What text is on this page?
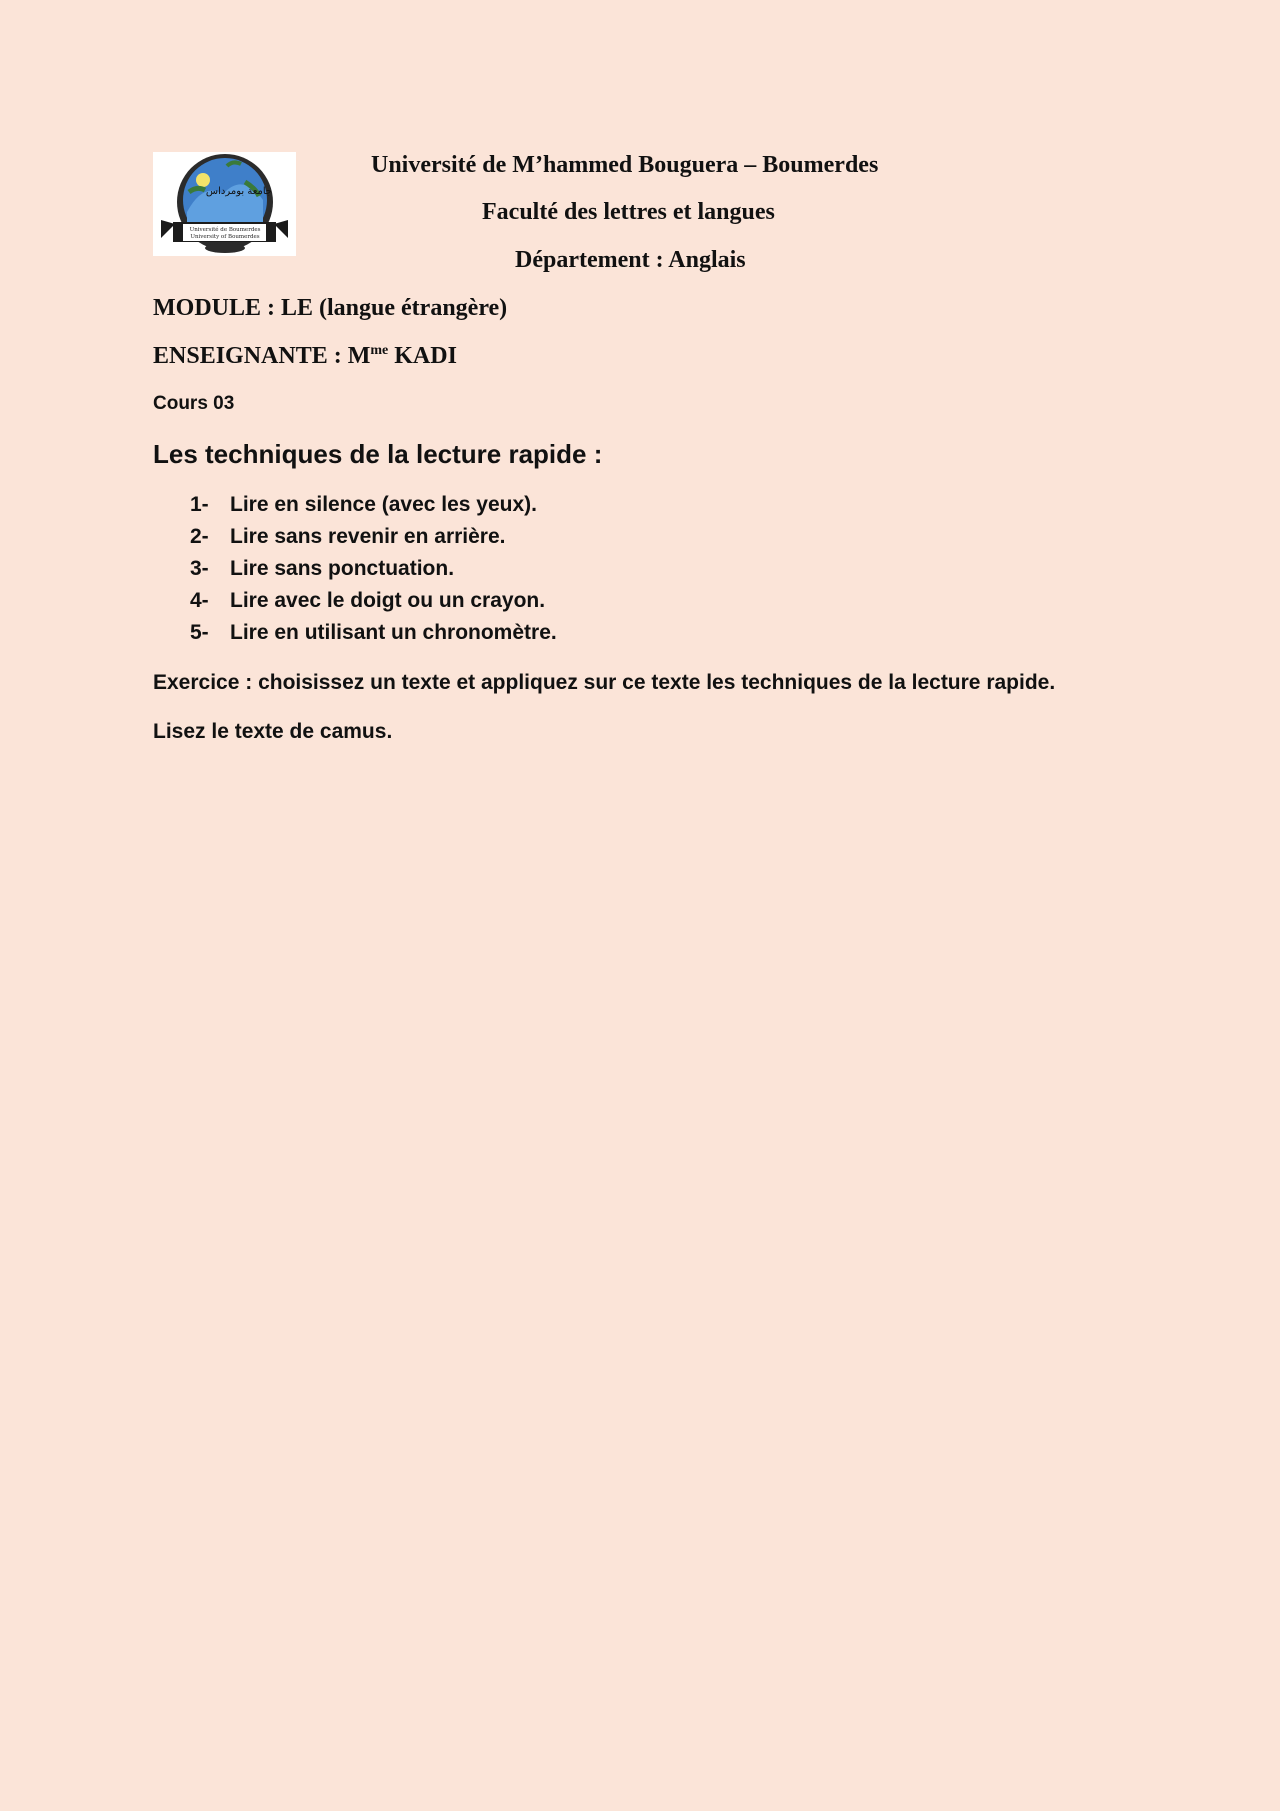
جامعة بومرداس
Université de Boumerdes
University of Boumerdes
Université de M’hammed Bouguera – Boumerdes
Faculté des lettres et langues
Département : Anglais
MODULE : LE (langue étrangère)
ENSEIGNANTE : $M^{me}$ KADI
Cours 03
Les techniques de la lecture rapide :
1-	Lire en silence (avec les yeux).
2-	Lire sans revenir en arrière.
3-	Lire sans ponctuation.
4-	Lire avec le doigt ou un crayon.
5-	Lire en utilisant un chronomètre.
Exercice : choisissez un texte et appliquez sur ce texte les techniques de la lecture rapide.
Lisez le texte de camus.
